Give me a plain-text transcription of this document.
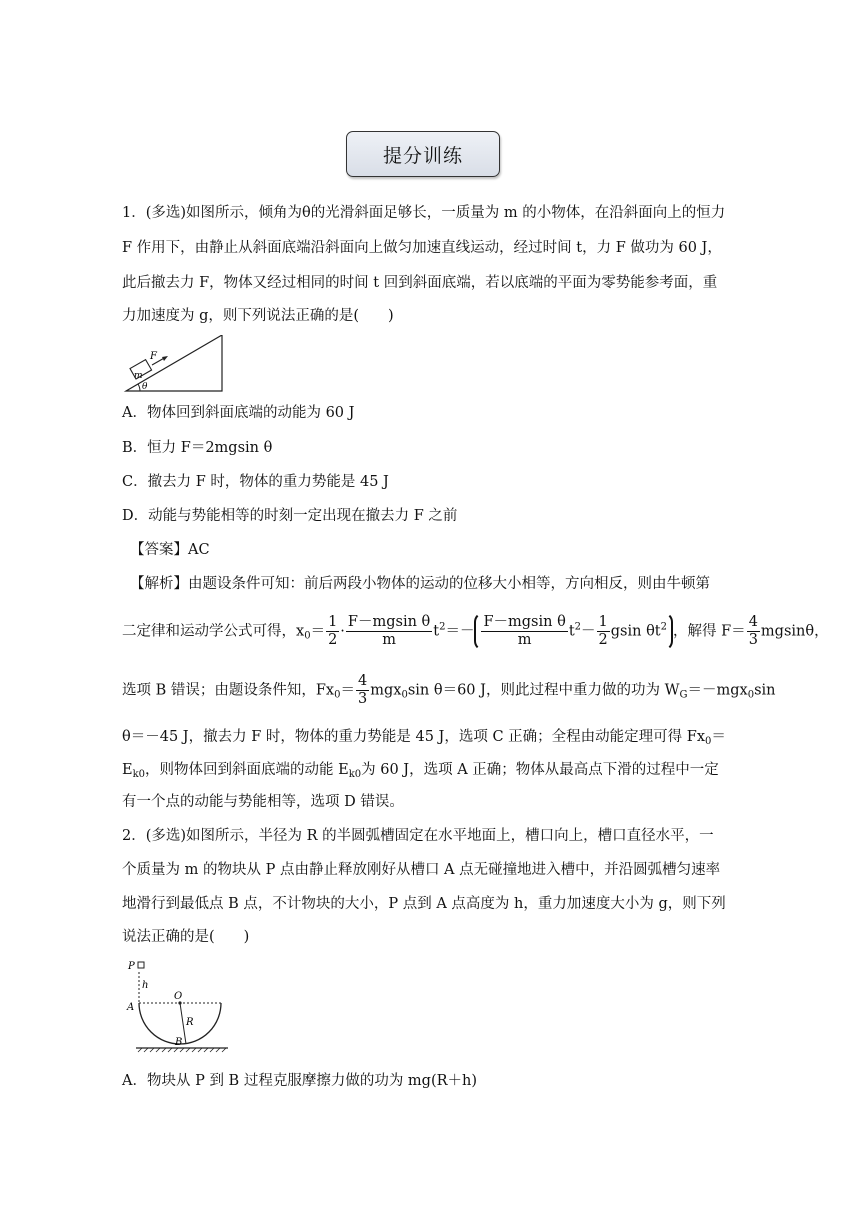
提分训练
1．(多选)如图所示，倾角为θ的光滑斜面足够长，一质量为 m 的小物体，在沿斜面向上的恒力
F 作用下，由静止从斜面底端沿斜面向上做匀加速直线运动，经过时间 t，力 F 做功为 60 J，
此后撤去力 F，物体又经过相同的时间 t 回到斜面底端，若以底端的平面为零势能参考面，重
力加速度为 g，则下列说法正确的是(　　)
F
m
θ
A．物体回到斜面底端的动能为 60 J
B．恒力 F＝2mgsin θ
C．撤去力 F 时，物体的重力势能是 45 J
D．动能与势能相等的时刻一定出现在撤去力 F 之前
【答案】AC
【解析】由题设条件可知：前后两段小物体的运动的位移大小相等，方向相反，则由牛顿第
二定律和运动学公式可得，$x_0= \frac{1}{2} \cdot \frac{\text{F－mgsin θ}}{m} t^2=- \frac{\text{F－mgsin θ}}{m} t^2- \frac{1}{2}$ gsin $\theta t^2$ ，解得 $F= \frac{4}{3}$ mgsinθ，
选项 B 错误；由题设条件知，$Fx_0= \frac{4}{3} mgx_0\sin$ θ＝60 J，则此过程中重力做的功为 $W_G=-mgx_0\sin$
θ＝－45 J，撤去力 F 时，物体的重力势能是 45 J，选项 C 正确；全程由动能定理可得 $Fx_0=$
$E_{k0}$，则物体回到斜面底端的动能 $E_{k0}$为 60 J，选项 A 正确；物体从最高点下滑的过程中一定
有一个点的动能与势能相等，选项 D 错误。
2．(多选)如图所示，半径为 R 的半圆弧槽固定在水平地面上，槽口向上，槽口直径水平，一
个质量为 m 的物块从 P 点由静止释放刚好从槽口 A 点无碰撞地进入槽中，并沿圆弧槽匀速率
地滑行到最低点 B 点，不计物块的大小，P 点到 A 点高度为 h，重力加速度大小为 g，则下列
说法正确的是(　　)
P
h
A
O
R
B
A．物块从 P 到 B 过程克服摩擦力做的功为 mg(R＋h)
